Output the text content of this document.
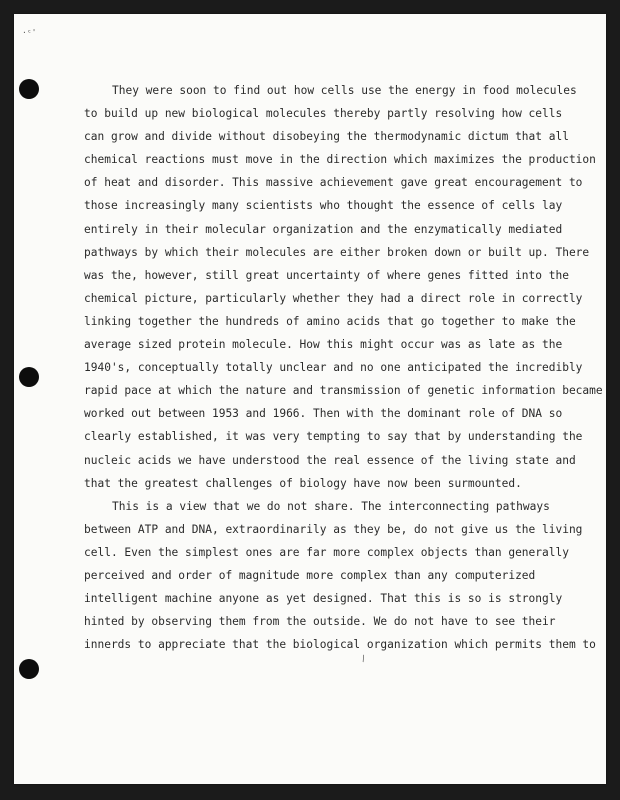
·ᶜ'
\
They were soon to find out how cells use the energy in food molecules
to build up new biological molecules thereby partly resolving how cells
can grow and divide without disobeying the thermodynamic dictum that all
chemical reactions must move in the direction which maximizes the production
of heat and disorder. This massive achievement gave great encouragement to
those increasingly many scientists who thought the essence of cells lay
entirely in their molecular organization and the enzymatically mediated
pathways by which their molecules are either broken down or built up. There
was the, however, still great uncertainty of where genes fitted into the
chemical picture, particularly whether they had a direct role in correctly
linking together the hundreds of amino acids that go together to make the
average sized protein molecule. How this might occur was as late as the
1940's, conceptually totally unclear and no one anticipated the incredibly
rapid pace at which the nature and transmission of genetic information became
worked out between 1953 and 1966. Then with the dominant role of DNA so
clearly established, it was very tempting to say that by understanding the
nucleic acids we have understood the real essence of the living state and
that the greatest challenges of biology have now been surmounted.
This is a view that we do not share. The interconnecting pathways
between ATP and DNA, extraordinarily as they be, do not give us the living
cell. Even the simplest ones are far more complex objects than generally
perceived and order of magnitude more complex than any computerized
intelligent machine anyone as yet designed. That this is so is strongly
hinted by observing them from the outside. We do not have to see their
innerds to appreciate that the biological organization which permits them to
